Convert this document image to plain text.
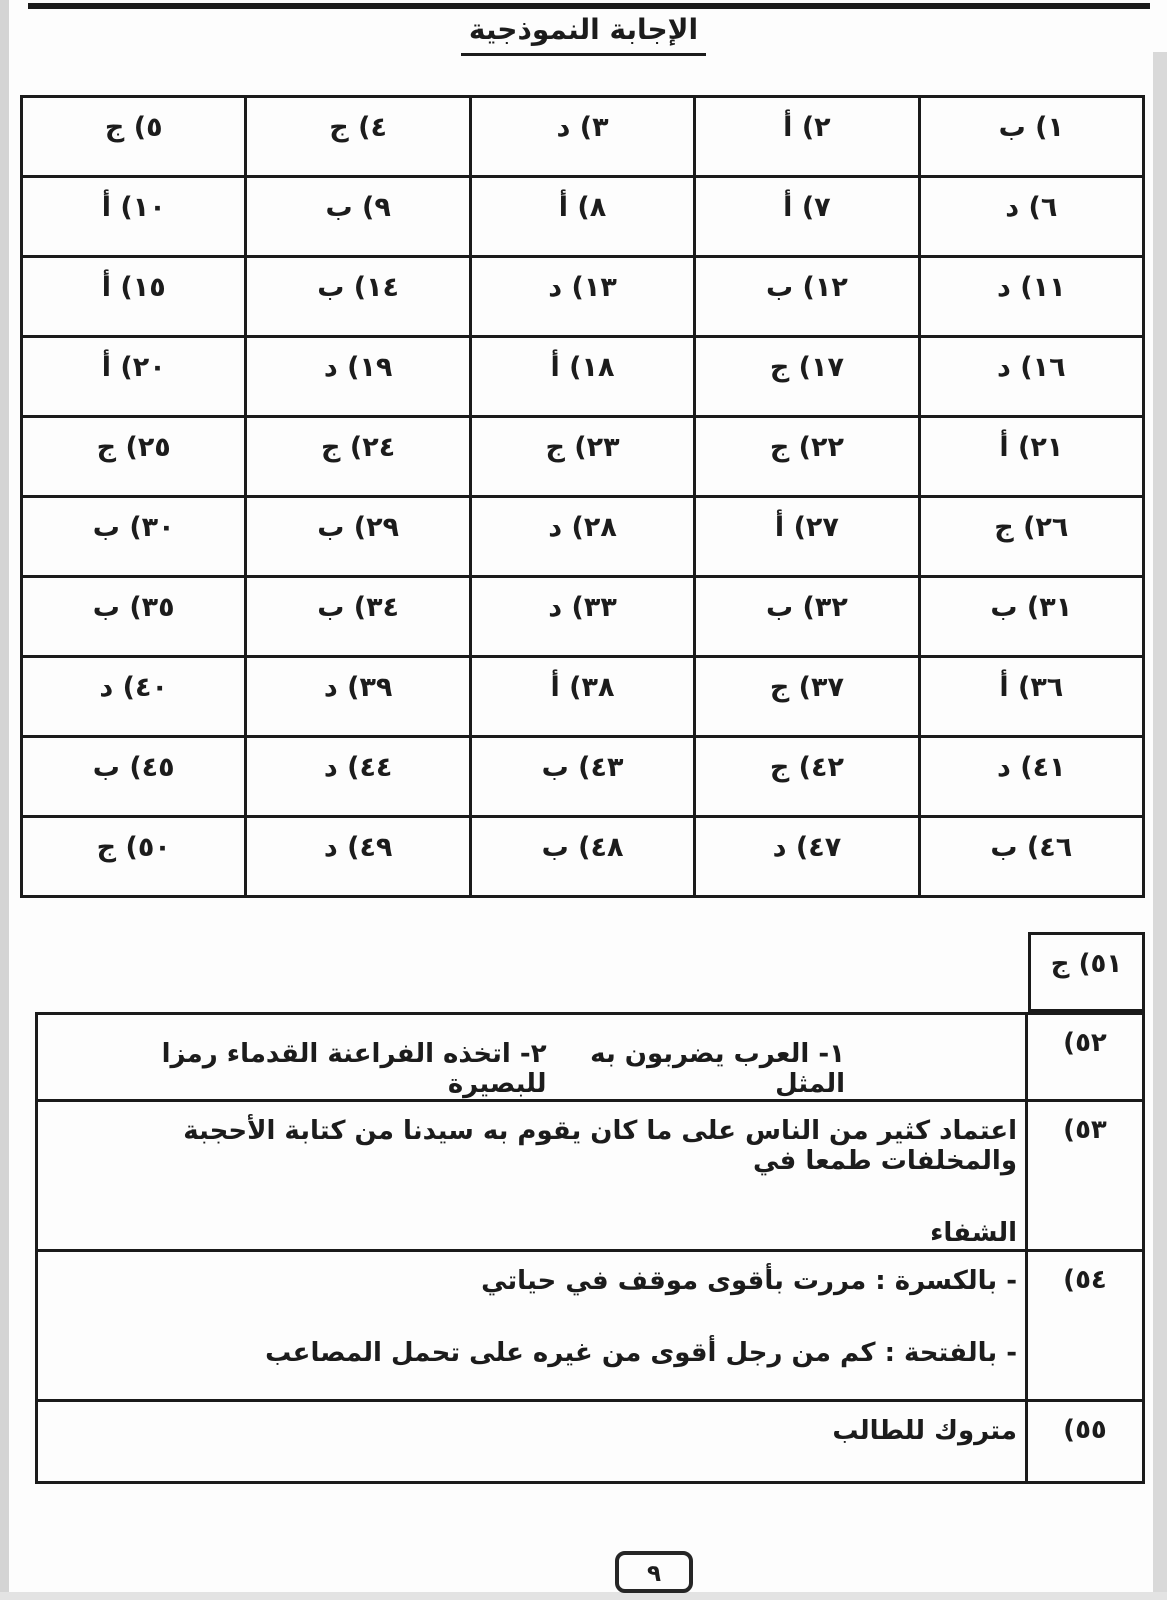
الإجابة النموذجية
١) ب	٢) أ	٣) د	٤) ج	٥) ج
٦) د	٧) أ	٨) أ	٩) ب	١٠) أ
١١) د	١٢) ب	١٣) د	١٤) ب	١٥) أ
١٦) د	١٧) ج	١٨) أ	١٩) د	٢٠) أ
٢١) أ	٢٢) ج	٢٣) ج	٢٤) ج	٢٥) ج
٢٦) ج	٢٧) أ	٢٨) د	٢٩) ب	٣٠) ب
٣١) ب	٣٢) ب	٣٣) د	٣٤) ب	٣٥) ب
٣٦) أ	٣٧) ج	٣٨) أ	٣٩) د	٤٠) د
٤١) د	٤٢) ج	٤٣) ب	٤٤) د	٤٥) ب
٤٦) ب	٤٧) د	٤٨) ب	٤٩) د	٥٠) ج
٥١) ج
٥٢)	١- العرب يضربون به المثل
٢- اتخذه الفراعنة القدماء رمزا للبصيرة

٥٣)	اعتماد كثير من الناس على ما كان يقوم به سيدنا من كتابة الأحجبة والمخلفات طمعا في
الشفاء

٥٤)	- بالكسرة : مررت بأقوى موقف في حياتي
- بالفتحة : كم من رجل أقوى من غيره على تحمل المصاعب

٥٥)	متروك للطالب
٩
